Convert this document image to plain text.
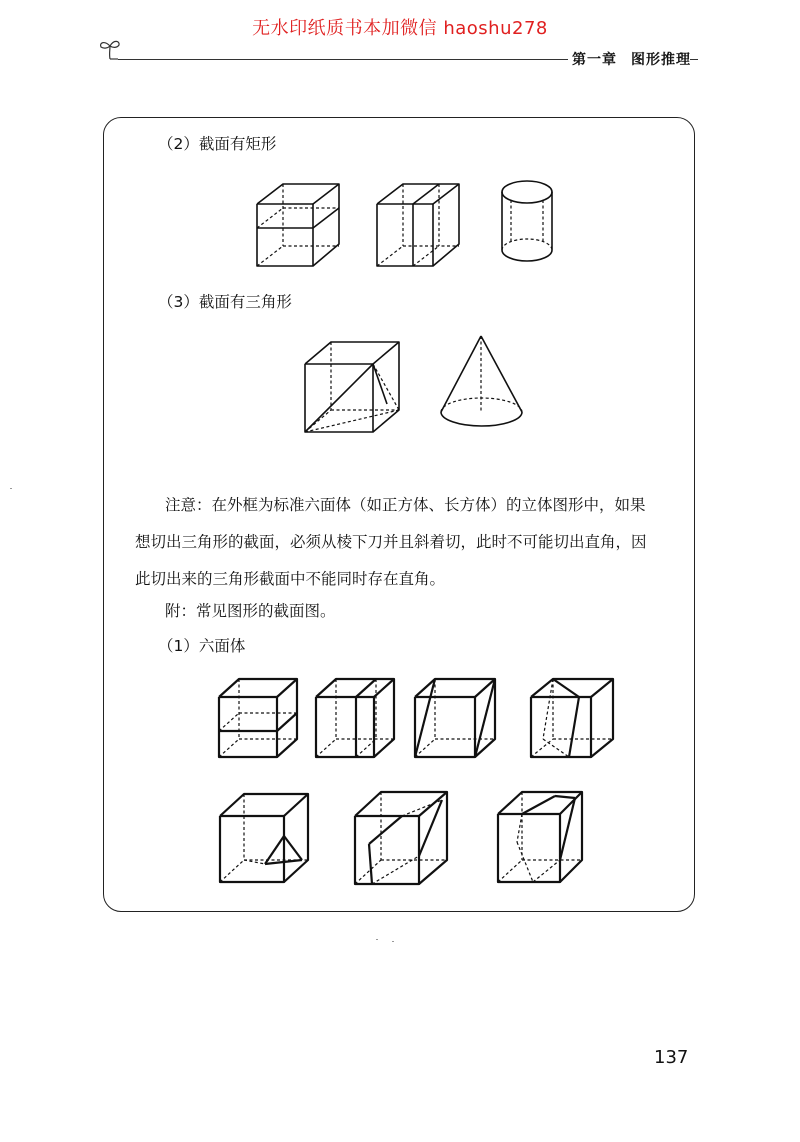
无水印纸质书本加微信 haoshu278
第一章 图形推理
（2）截面有矩形
（3）截面有三角形
注意：在外框为标准六面体（如正方体、长方体）的立体图形中，如果
想切出三角形的截面，必须从棱下刀并且斜着切，此时不可能切出直角，因
此切出来的三角形截面中不能同时存在直角。
附：常见图形的截面图。
（1）六面体
137
